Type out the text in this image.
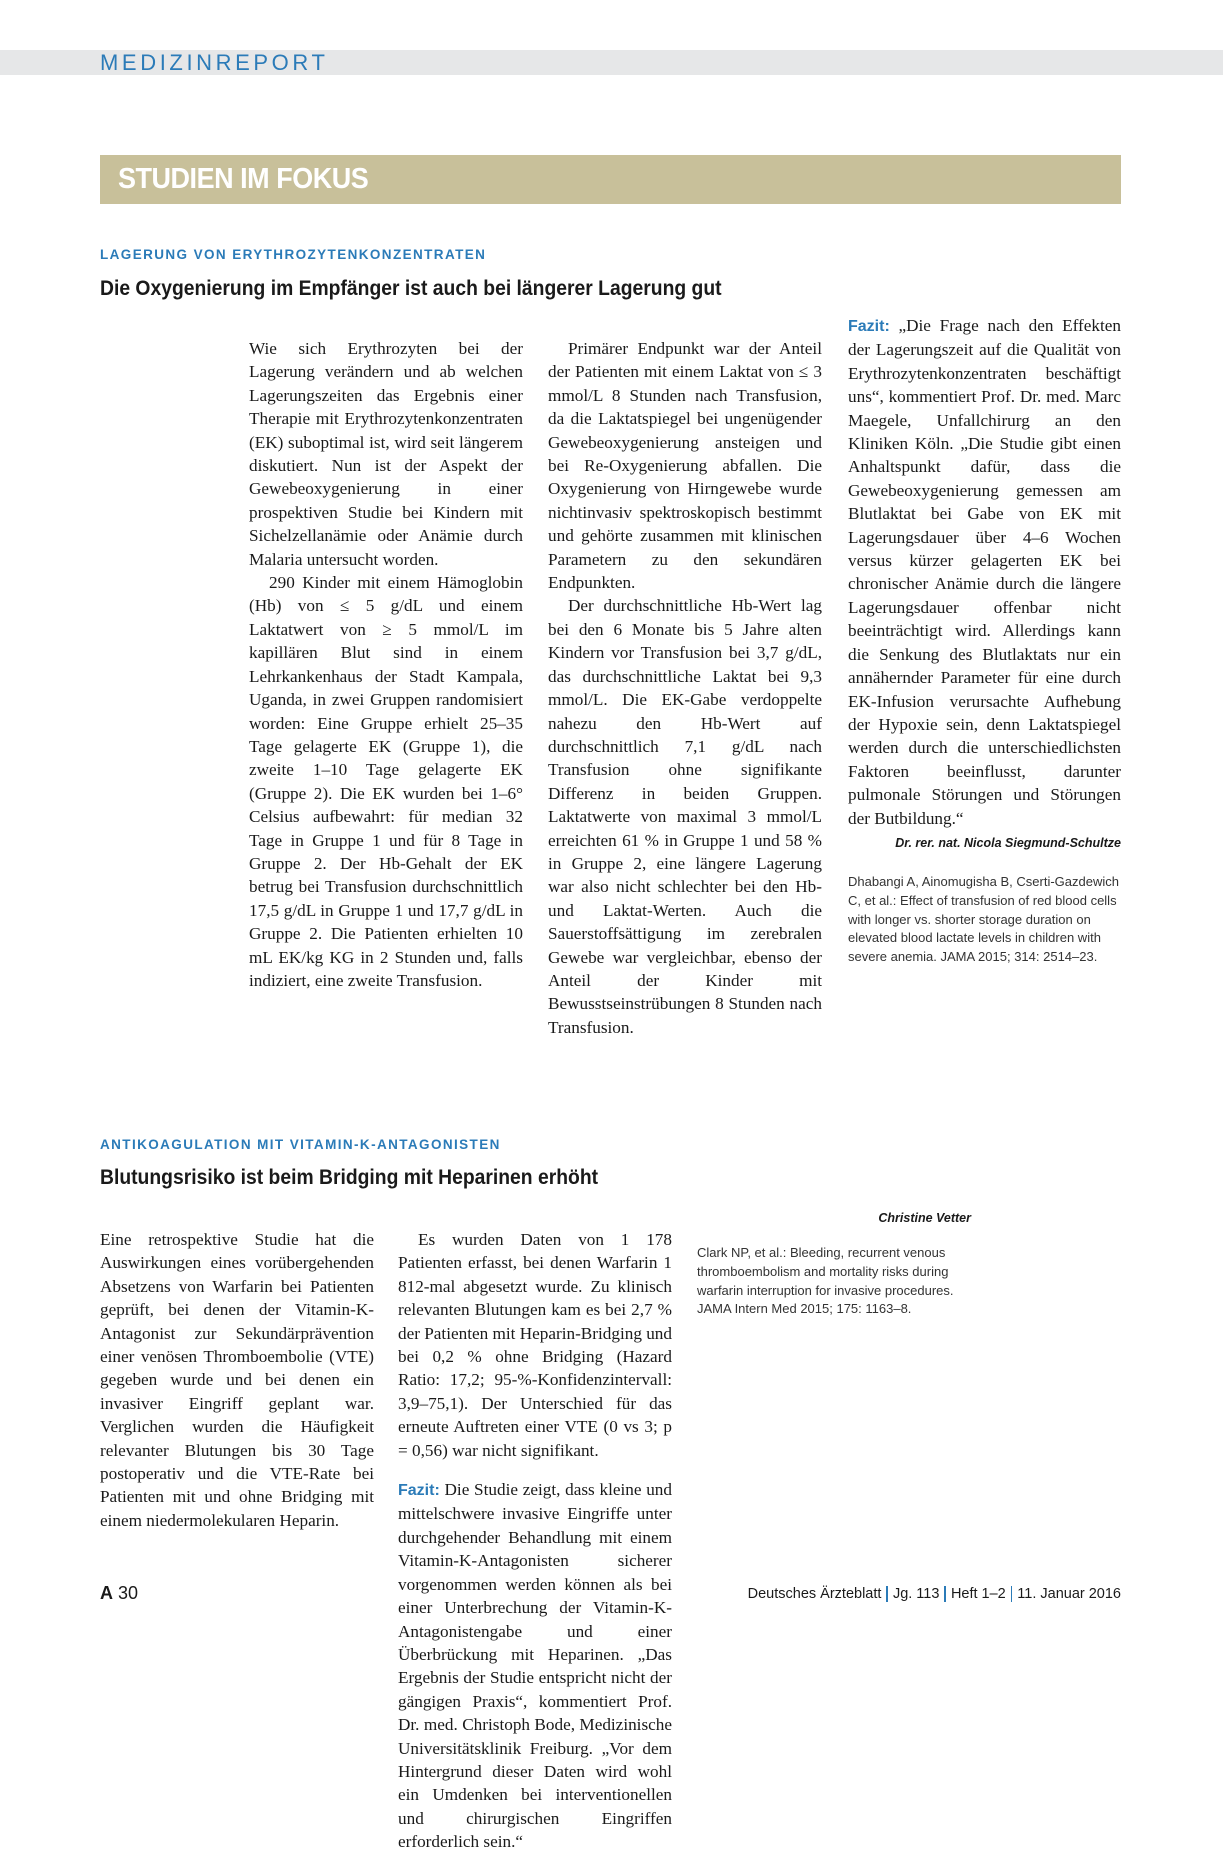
MEDIZINREPORT
STUDIEN IM FOKUS
LAGERUNG VON ERYTHROZYTENKONZENTRATEN
Die Oxygenierung im Empfänger ist auch bei längerer Lagerung gut

Wie sich Erythrozyten bei der Lagerung verändern und ab welchen Lagerungszeiten das Ergebnis einer Therapie mit Erythrozytenkonzentraten (EK) suboptimal ist, wird seit längerem diskutiert. Nun ist der Aspekt der Gewebeoxygenierung in einer prospektiven Studie bei Kindern mit Sichelzellanämie oder Anämie durch Malaria untersucht worden.

290 Kinder mit einem Hämoglobin (Hb) von ≤ 5 g/dL und einem Laktatwert von ≥ 5 mmol/L im kapillären Blut sind in einem Lehrkankenhaus der Stadt Kampala, Uganda, in zwei Gruppen randomisiert worden: Eine Gruppe erhielt 25–35 Tage gelagerte EK (Gruppe 1), die zweite 1–10 Tage gelagerte EK (Gruppe 2). Die EK wurden bei 1–6° Celsius aufbewahrt: für median 32 Tage in Gruppe 1 und für 8 Tage in Gruppe 2. Der Hb-Gehalt der EK betrug bei Transfusion durchschnittlich 17,5 g/dL in Gruppe 1 und 17,7 g/dL in Gruppe 2. Die Patienten erhielten 10 mL EK/kg KG in 2 Stunden und, falls indiziert, eine zweite Transfusion.

Primärer Endpunkt war der Anteil der Patienten mit einem Laktat von ≤ 3 mmol/L 8 Stunden nach Transfusion, da die Laktatspiegel bei ungenügender Gewebeoxygenierung ansteigen und bei Re-Oxygenierung abfallen. Die Oxygenierung von Hirngewebe wurde nichtinvasiv spektroskopisch bestimmt und gehörte zusammen mit klinischen Parametern zu den sekundären Endpunkten.

Der durchschnittliche Hb-Wert lag bei den 6 Monate bis 5 Jahre alten Kindern vor Transfusion bei 3,7 g/dL, das durchschnittliche Laktat bei 9,3 mmol/L. Die EK-Gabe verdoppelte nahezu den Hb-Wert auf durchschnittlich 7,1 g/dL nach Transfusion ohne signifikante Differenz in beiden Gruppen. Laktatwerte von maximal 3 mmol/L erreichten 61 % in Gruppe 1 und 58 % in Gruppe 2, eine längere Lagerung war also nicht schlechter bei den Hb- und Laktat-Werten. Auch die Sauerstoffsättigung im zerebralen Gewebe war vergleichbar, ebenso der Anteil der Kinder mit Bewusstseinstrübungen 8 Stunden nach Transfusion.

Fazit: „Die Frage nach den Effekten der Lagerungszeit auf die Qualität von Erythrozytenkonzentraten beschäftigt uns“, kommentiert Prof. Dr. med. Marc Maegele, Unfallchirurg an den Kliniken Köln. „Die Studie gibt einen Anhaltspunkt dafür, dass die Gewebeoxygenierung gemessen am Blutlaktat bei Gabe von EK mit Lagerungsdauer über 4–6 Wochen versus kürzer gelagerten EK bei chronischer Anämie durch die längere Lagerungsdauer offenbar nicht beeinträchtigt wird. Allerdings kann die Senkung des Blutlaktats nur ein annähernder Parameter für eine durch EK-Infusion verursachte Aufhebung der Hypoxie sein, denn Laktatspiegel werden durch die unterschiedlichsten Faktoren beeinflusst, darunter pulmonale Störungen und Störungen der Butbildung.“

Dr. rer. nat. Nicola Siegmund-Schultze
Dhabangi A, Ainomugisha B, Cserti-Gazdewich C, et al.: Effect of transfusion of red blood cells with longer vs. shorter storage duration on elevated blood lactate levels in children with severe anemia. JAMA 2015; 314: 2514–23.
ANTIKOAGULATION MIT VITAMIN-K-ANTAGONISTEN
Blutungsrisiko ist beim Bridging mit Heparinen erhöht

Eine retrospektive Studie hat die Auswirkungen eines vorübergehenden Absetzens von Warfarin bei Patienten geprüft, bei denen der Vitamin-K-Antagonist zur Sekundärprävention einer venösen Thromboembolie (VTE) gegeben wurde und bei denen ein invasiver Eingriff geplant war. Verglichen wurden die Häufigkeit relevanter Blutungen bis 30 Tage postoperativ und die VTE-Rate bei Patienten mit und ohne Bridging mit einem niedermolekularen Heparin.

Es wurden Daten von 1 178 Patienten erfasst, bei denen Warfarin 1 812-mal abgesetzt wurde. Zu klinisch relevanten Blutungen kam es bei 2,7 % der Patienten mit Heparin-Bridging und bei 0,2 % ohne Bridging (Hazard Ratio: 17,2; 95-%-Konfidenzintervall: 3,9–75,1). Der Unterschied für das erneute Auftreten einer VTE (0 vs 3; p = 0,56) war nicht signifikant.

Fazit: Die Studie zeigt, dass kleine und mittelschwere invasive Eingriffe unter durchgehender Behandlung mit einem Vitamin-K-Antagonisten sicherer vorgenommen werden können als bei einer Unterbrechung der Vitamin-K-Antagonistengabe und einer Überbrückung mit Heparinen. „Das Ergebnis der Studie entspricht nicht der gängigen Praxis“, kommentiert Prof. Dr. med. Christoph Bode, Medizinische Universitätsklinik Freiburg. „Vor dem Hintergrund dieser Daten wird wohl ein Umdenken bei interventionellen und chirurgischen Eingriffen erforderlich sein.“

Christine Vetter
Clark NP, et al.: Bleeding, recurrent venous thromboembolism and mortality risks during warfarin interruption for invasive procedures. JAMA Intern Med 2015; 175: 1163–8.
A 30	Deutsches Ärzteblatt Jg. 113 Heft 1–2 11. Januar 2016
